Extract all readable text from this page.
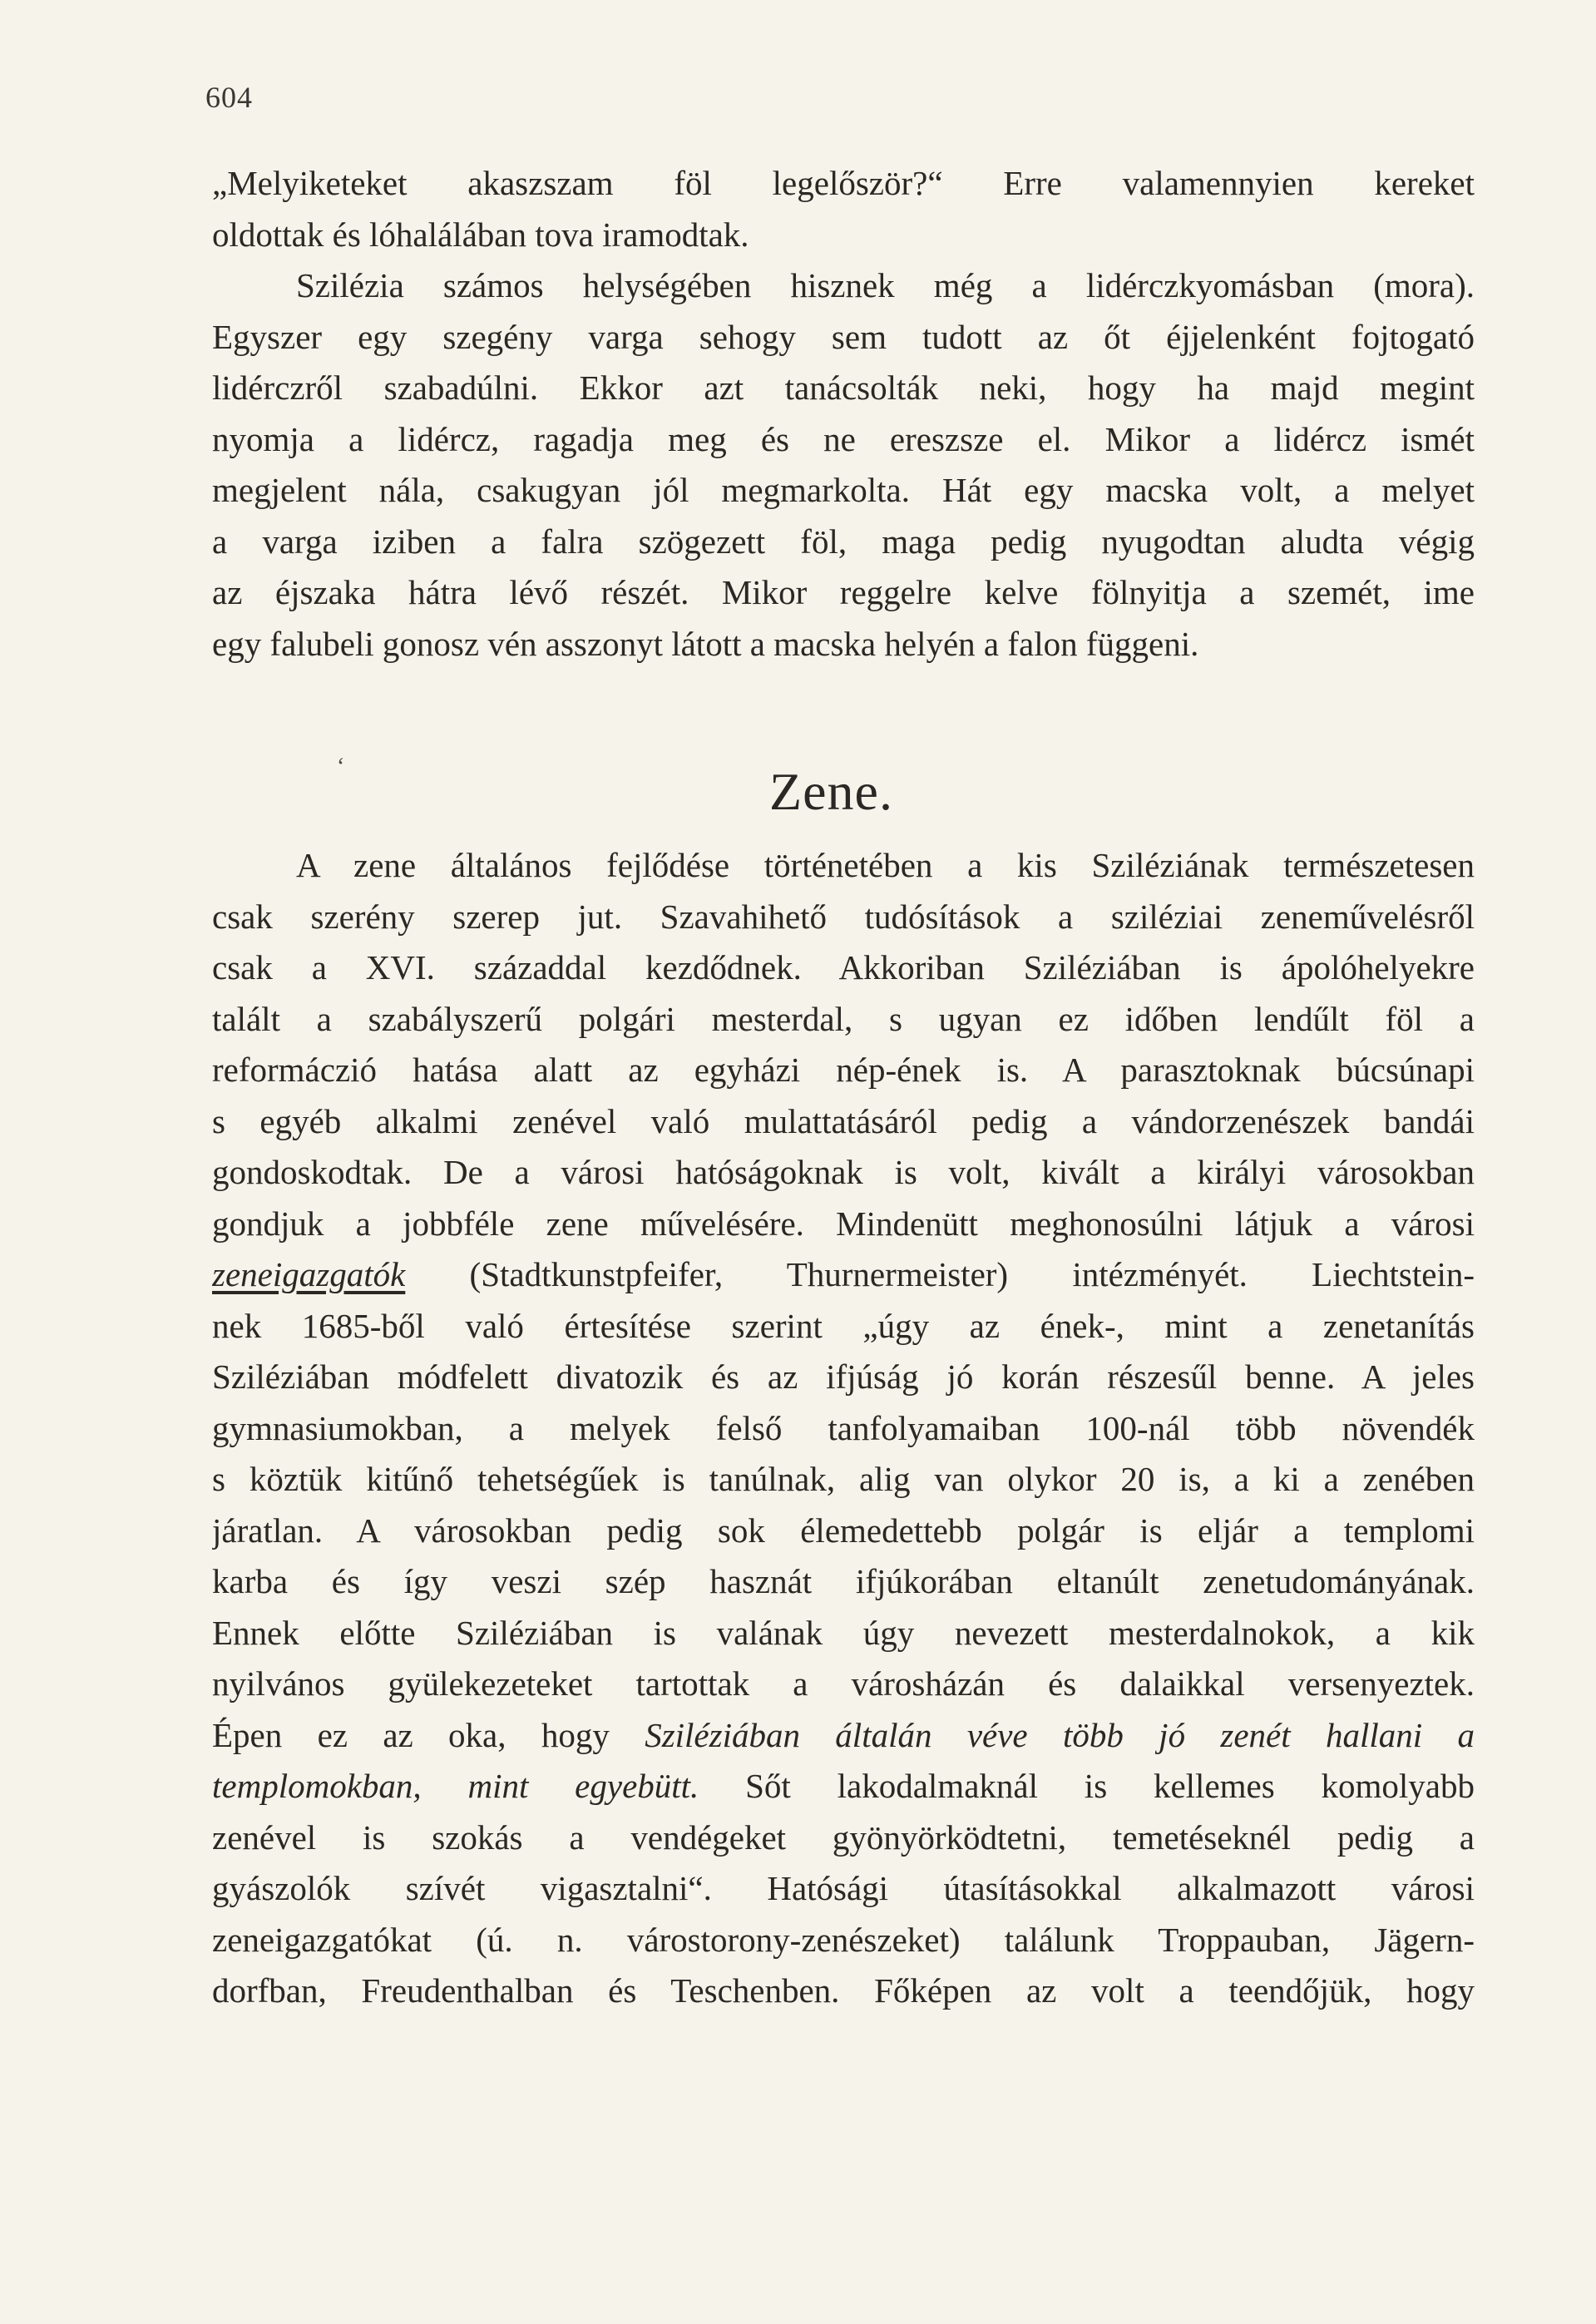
604
„Melyiketeket akaszszam föl legelőször?“ Erre valamennyien kereket
oldottak és lóhalálában tova iramodtak.
Szilézia számos helységében hisznek még a lidérczkyomásban (mora).
Egyszer egy szegény varga sehogy sem tudott az őt éjjelenként fojtogató
lidérczről szabadúlni. Ekkor azt tanácsolták neki, hogy ha majd megint
nyomja a lidércz, ragadja meg és ne ereszsze el. Mikor a lidércz ismét
megjelent nála, csakugyan jól megmarkolta. Hát egy macska volt, a melyet
a varga iziben a falra szögezett föl, maga pedig nyugodtan aludta végig
az éjszaka hátra lévő részét. Mikor reggelre kelve fölnyitja a szemét, ime
egy falubeli gonosz vén asszonyt látott a macska helyén a falon függeni.
‘	Zene.
A zene általános fejlődése történetében a kis Sziléziának természetesen
csak szerény szerep jut. Szavahihető tudósítások a sziléziai zeneművelésről
csak a XVI. századdal kezdődnek. Akkoriban Sziléziában is ápolóhelyekre
talált a szabályszerű polgári mesterdal, s ugyan ez időben lendűlt föl a
reformáczió hatása alatt az egyházi nép-ének is. A parasztoknak búcsúnapi
s egyéb alkalmi zenével való mulattatásáról pedig a vándorzenészek bandái
gondoskodtak. De a városi hatóságoknak is volt, kivált a királyi városokban
gondjuk a jobbféle zene művelésére. Mindenütt meghonosúlni látjuk a városi
zeneigazgatók (Stadtkunstpfeifer, Thurnermeister) intézményét. Liechtstein-
nek 1685-ből való értesítése szerint „úgy az ének-, mint a zenetanítás
Sziléziában módfelett divatozik és az ifjúság jó korán részesűl benne. A jeles
gymnasiumokban, a melyek felső tanfolyamaiban 100-nál több növendék
s köztük kitűnő tehetségűek is tanúlnak, alig van olykor 20 is, a ki a zenében
járatlan. A városokban pedig sok élemedettebb polgár is eljár a templomi
karba és így veszi szép hasznát ifjúkorában eltanúlt zenetudományának.
Ennek előtte Sziléziában is valának úgy nevezett mesterdalnokok, a kik
nyilvános gyülekezeteket tartottak a városházán és dalaikkal versenyeztek.
Épen ez az oka, hogy Sziléziában általán véve több jó zenét hallani a
templomokban, mint egyebütt. Sőt lakodalmaknál is kellemes komolyabb
zenével is szokás a vendégeket gyönyörködtetni, temetéseknél pedig a
gyászolók szívét vigasztalni“. Hatósági útasításokkal alkalmazott városi
zeneigazgatókat (ú. n. várostorony-zenészeket) találunk Troppauban, Jägern-
dorfban, Freudenthalban és Teschenben. Főképen az volt a teendőjük, hogy
